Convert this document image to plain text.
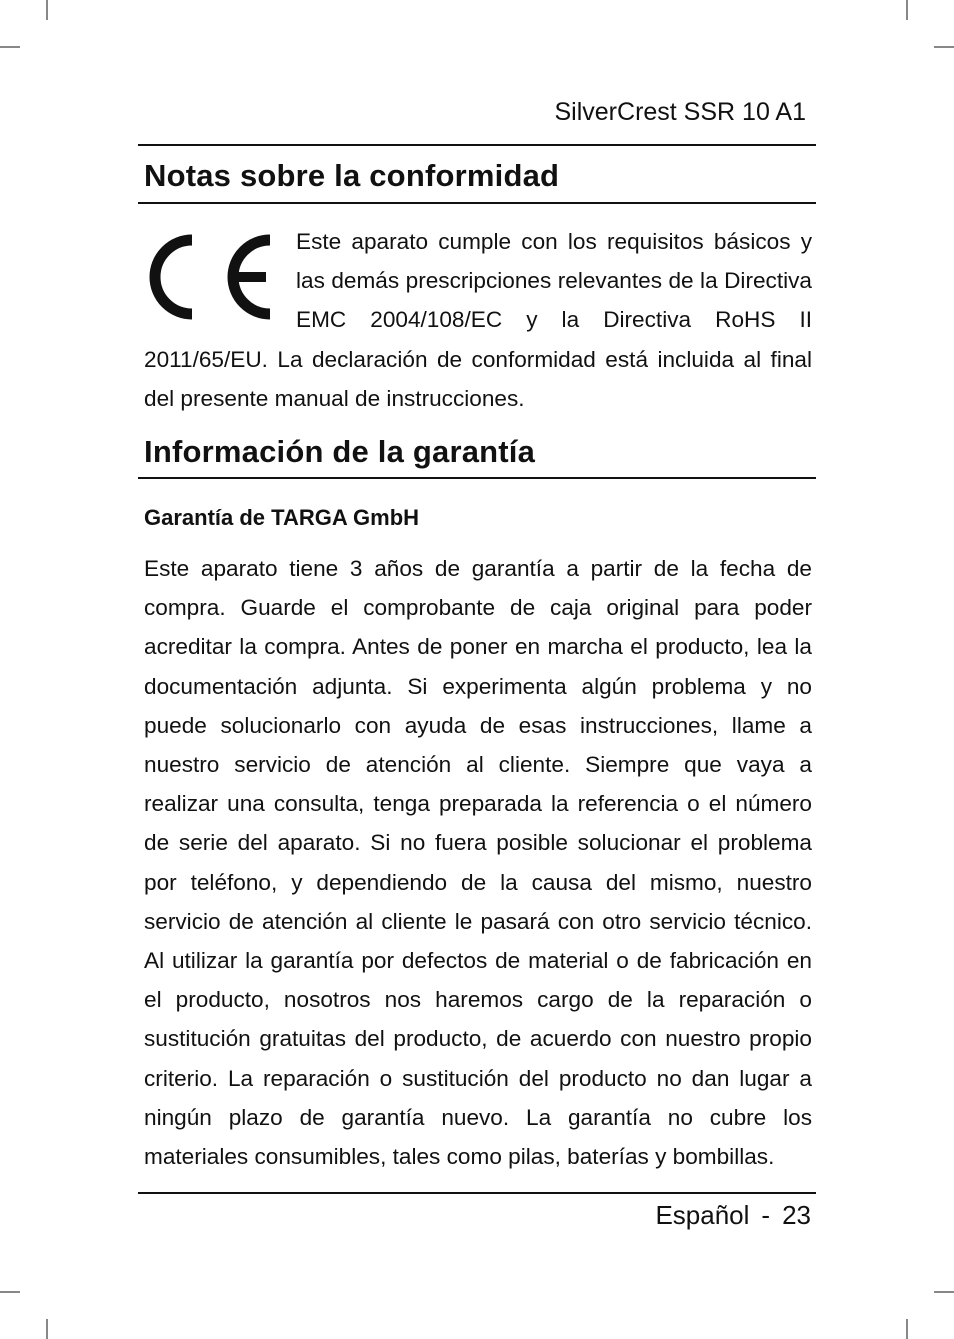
SilverCrest SSR 10 A1
Notas sobre la conformidad

Este aparato cumple con los requisitos básicos y las demás prescripciones relevantes de la Directiva EMC 2004/108/EC y la Directiva RoHS II 2011/65/EU. La declaración de conformidad está incluida al final del presente manual de instrucciones.

Información de la garantía
Garantía de TARGA GmbH

Este aparato tiene 3 años de garantía a partir de la fecha de compra. Guarde el comprobante de caja original para poder acreditar la compra. Antes de poner en marcha el producto, lea la documentación adjunta. Si experimenta algún problema y no puede solucionarlo con ayuda de esas instrucciones, llame a nuestro servicio de atención al cliente. Siempre que vaya a realizar una consulta, tenga preparada la referencia o el número de serie del aparato. Si no fuera posible solucionar el problema por teléfono, y dependiendo de la causa del mismo, nuestro servicio de atención al cliente le pasará con otro servicio técnico. Al utilizar la garantía por defectos de material o de fabricación en el producto, nosotros nos haremos cargo de la reparación o sustitución gratuitas del producto, de acuerdo con nuestro propio criterio. La reparación o sustitución del producto no dan lugar a ningún plazo de garantía nuevo. La garantía no cubre los materiales consumibles, tales como pilas, baterías y bombillas.

Español - 23
